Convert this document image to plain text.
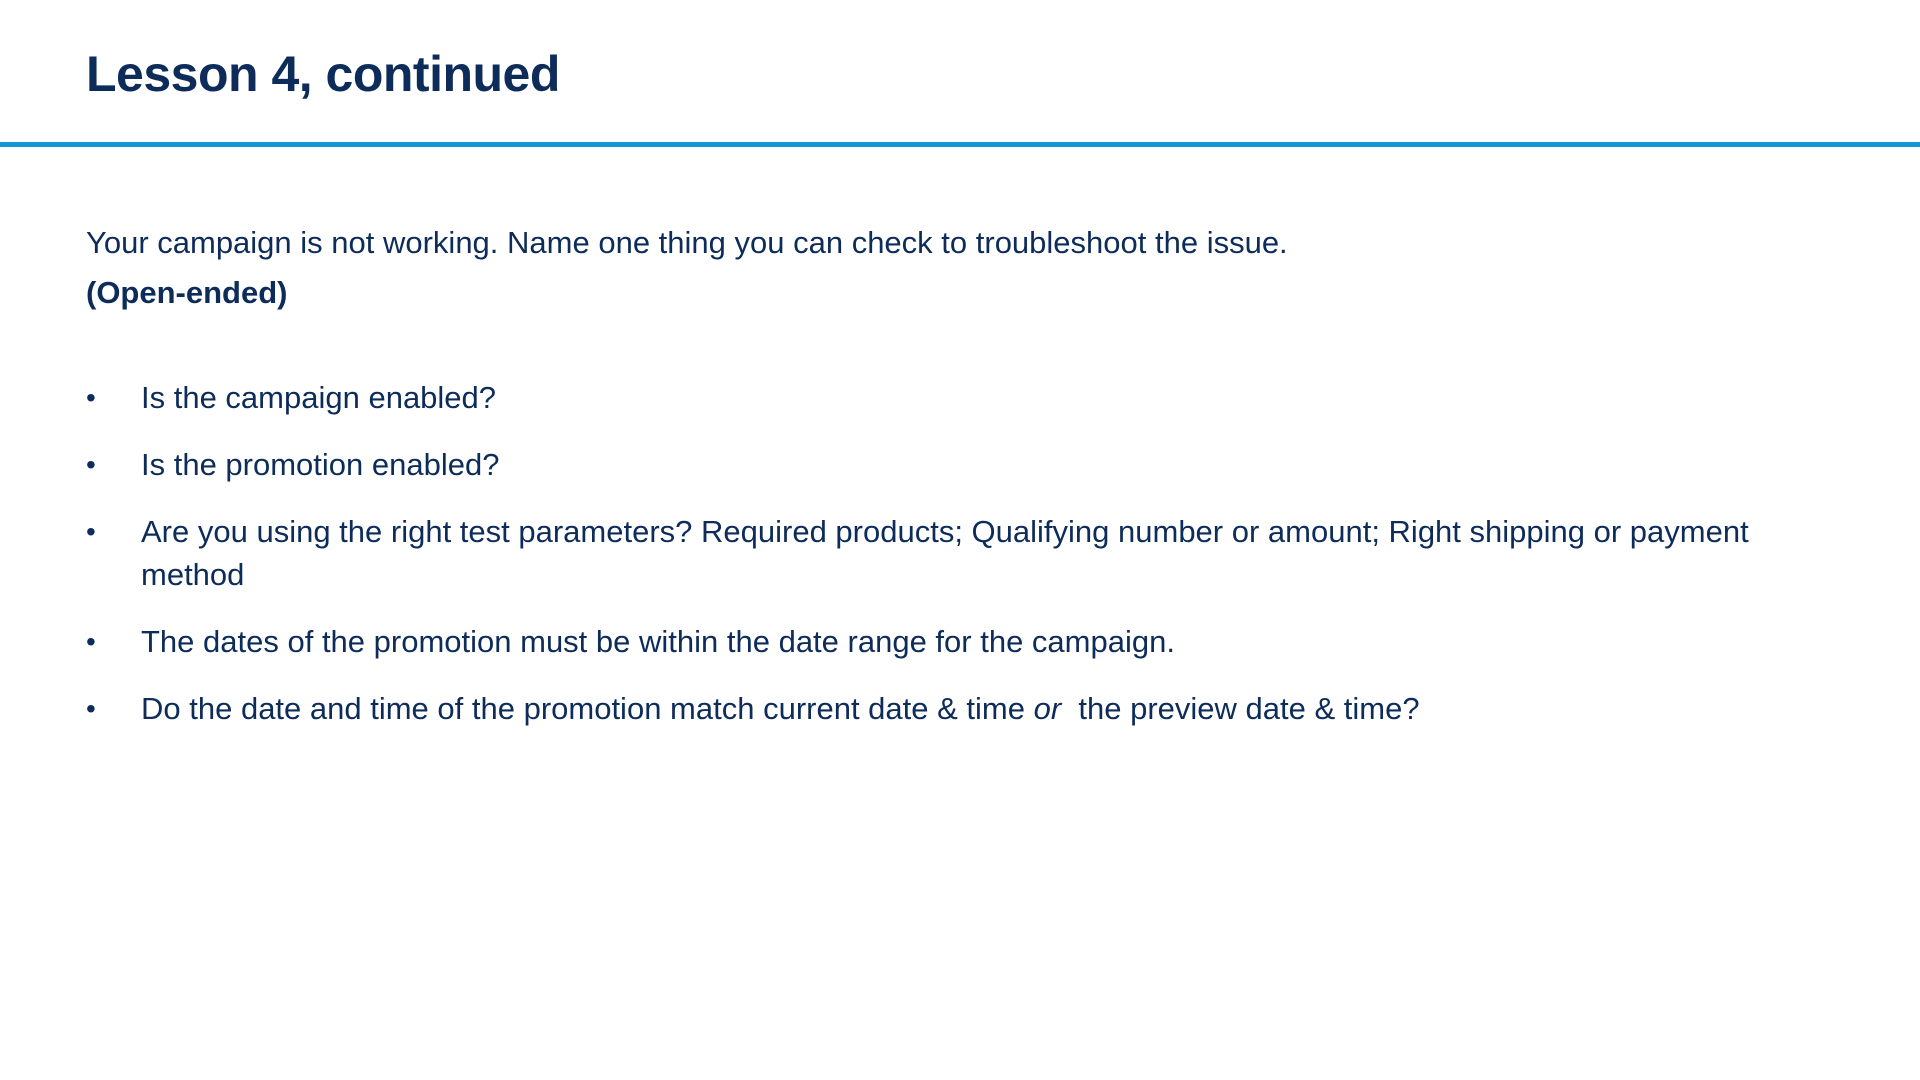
Lesson 4, continued

Your campaign is not working. Name one thing you can check to troubleshoot the issue.

(Open-ended)

•	Is the campaign enabled?
•	Is the promotion enabled?
•	Are you using the right test parameters? Required products; Qualifying number or amount; Right shipping or payment method
•	The dates of the promotion must be within the date range for the campaign.
•	Do the date and time of the promotion match current date & time or  the preview date & time?
